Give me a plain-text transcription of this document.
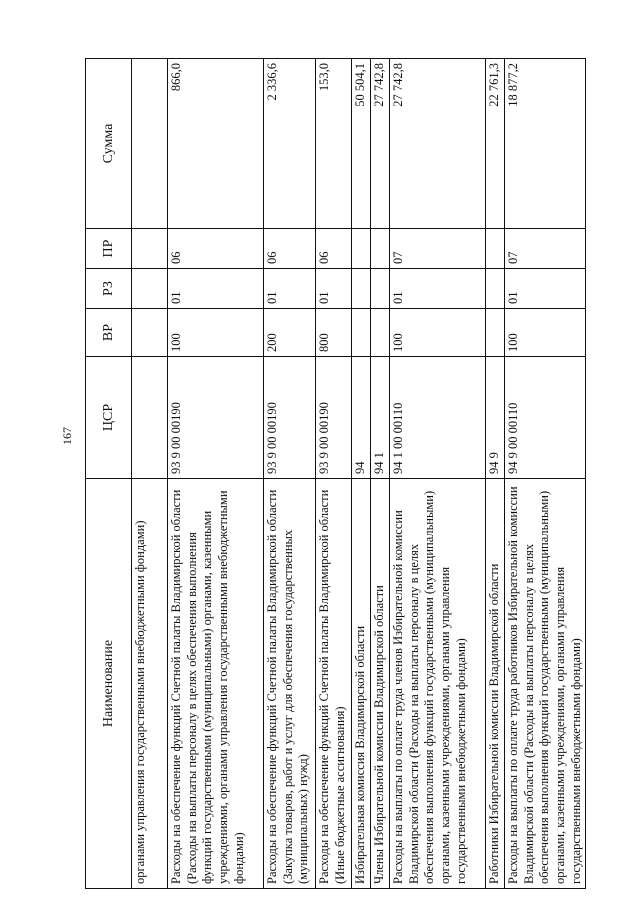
167
Наименование	ЦСР	ВР	РЗ	ПР	Сумма
органами управления государственными внебюджетными фондами)					
Расходы на обеспечение функций Счетной палаты Владимирской области (Расходы на выплаты персоналу в целях обеспечения выполнения функций государственными (муниципальными) органами, казенными учреждениями, органами управления государственными внебюджетными фондами)	93 9 00 00190	100	01	06	866,0
Расходы на обеспечение функций Счетной палаты Владимирской области (Закупка товаров, работ и услуг для обеспечения государственных (муниципальных) нужд)	93 9 00 00190	200	01	06	2 336,6
Расходы на обеспечение функций Счетной палаты Владимирской области (Иные бюджетные ассигнования)	93 9 00 00190	800	01	06	153,0
Избирательная комиссия Владимирской области	94				50 504,1
Члены Избирательной комиссии Владимирской области	94 1				27 742,8
Расходы на выплаты по оплате труда членов Избирательной комиссии Владимирской области (Расходы на выплаты персоналу в целях обеспечения выполнения функций государственными (муниципальными) органами, казенными учреждениями, органами управления государственными внебюджетными фондами)	94 1 00 00110	100	01	07	27 742,8
Работники Избирательной комиссии Владимирской области	94 9				22 761,3
Расходы на выплаты по оплате труда работников Избирательной комиссии Владимирской области (Расходы на выплаты персоналу в целях обеспечения выполнения функций государственными (муниципальными) органами, казенными учреждениями, органами управления государственными внебюджетными фондами)	94 9 00 00110	100	01	07	18 877,2
